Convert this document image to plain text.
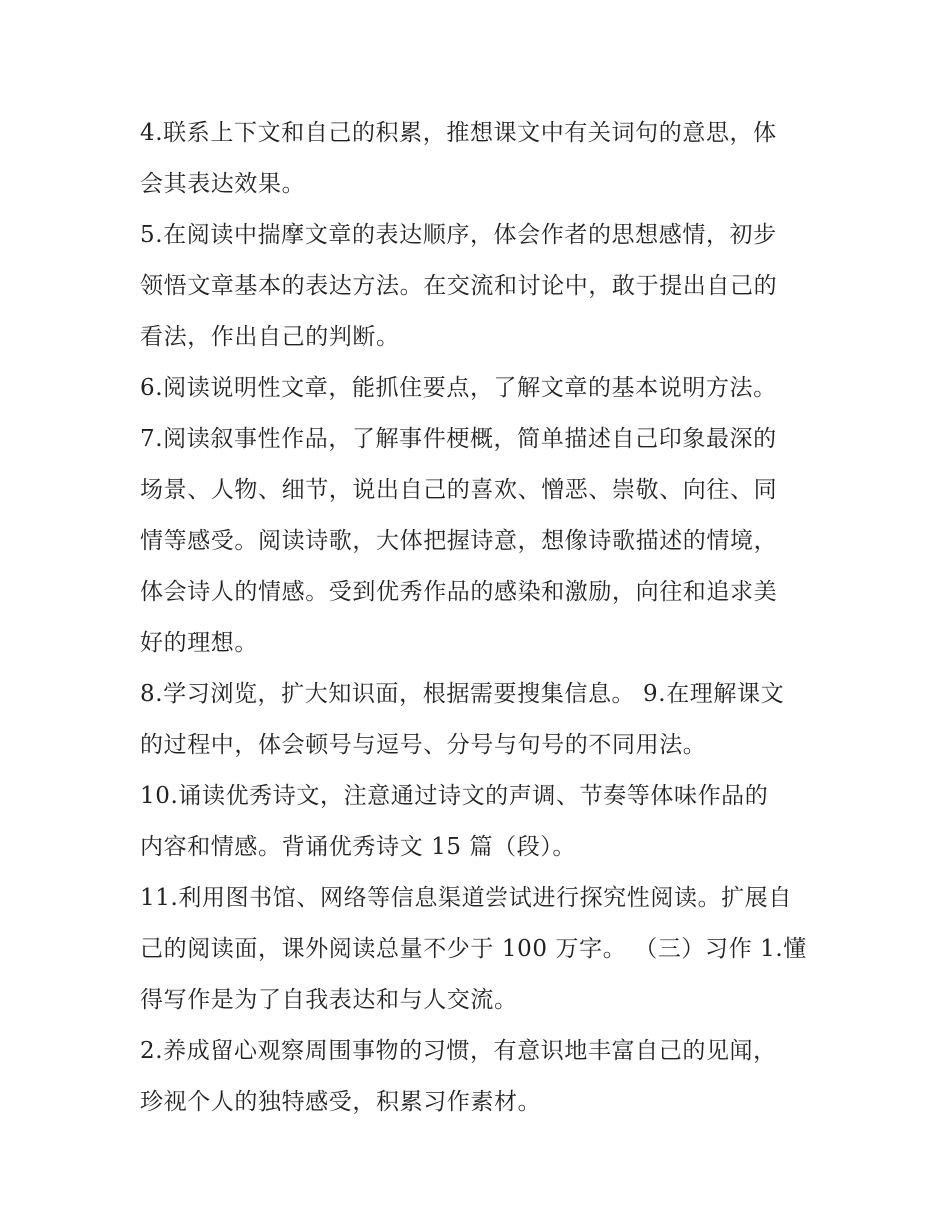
4.联系上下文和自己的积累，推想课文中有关词句的意思，体
会其表达效果。
5.在阅读中揣摩文章的表达顺序，体会作者的思想感情，初步
领悟文章基本的表达方法。在交流和讨论中，敢于提出自己的
看法，作出自己的判断。
6.阅读说明性文章，能抓住要点，了解文章的基本说明方法。
7.阅读叙事性作品，了解事件梗概，简单描述自己印象最深的
场景、人物、细节，说出自己的喜欢、憎恶、崇敬、向往、同
情等感受。阅读诗歌，大体把握诗意，想像诗歌描述的情境，
体会诗人的情感。受到优秀作品的感染和激励，向往和追求美
好的理想。
8.学习浏览，扩大知识面，根据需要搜集信息。 9.在理解课文
的过程中，体会顿号与逗号、分号与句号的不同用法。
10.诵读优秀诗文，注意通过诗文的声调、节奏等体味作品的
内容和情感。背诵优秀诗文 15 篇（段）。
11.利用图书馆、网络等信息渠道尝试进行探究性阅读。扩展自
己的阅读面，课外阅读总量不少于 100 万字。 （三）习作 1.懂
得写作是为了自我表达和与人交流。
2.养成留心观察周围事物的习惯，有意识地丰富自己的见闻，
珍视个人的独特感受，积累习作素材。
